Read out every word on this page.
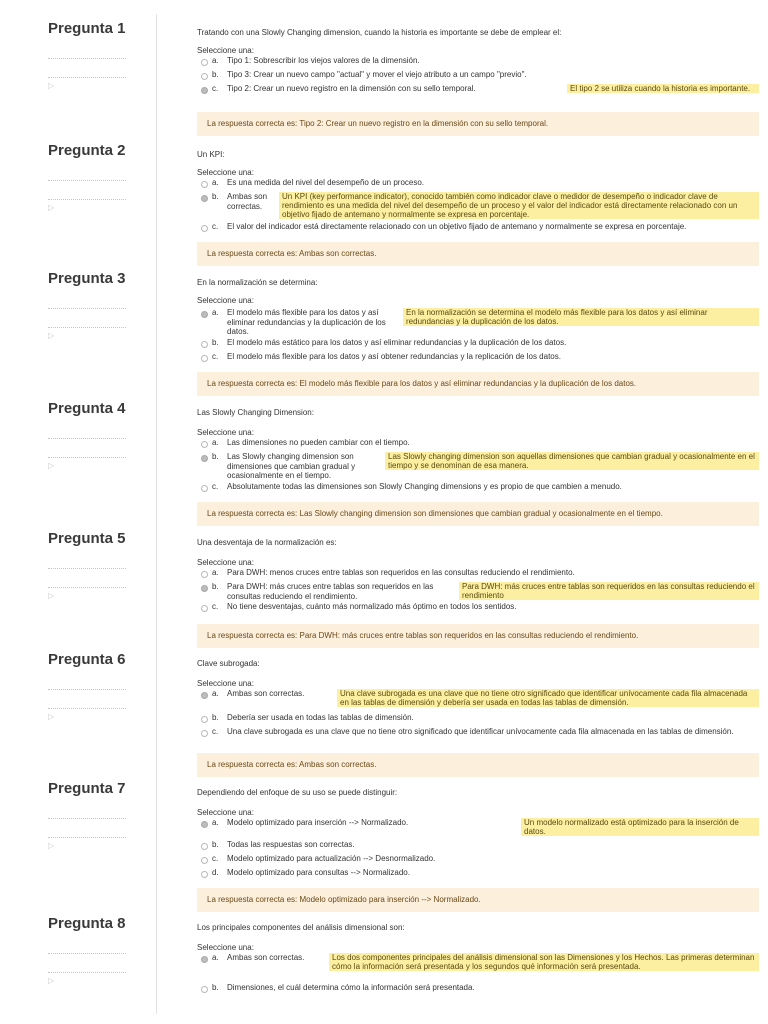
Pregunta 1
▷
Tratando con una Slowly Changing dimension, cuando la historia es importante se debe de emplear el:
Seleccione una:
a.	Tipo 1: Sobrescribir los viejos valores de la dimensión.
b.	Tipo 3: Crear un nuevo campo "actual" y mover el viejo atributo a un campo "previo".
c.	Tipo 2: Crear un nuevo registro en la dimensión con su sello temporal.	El tipo 2 se utiliza cuando la historia es importante.
La respuesta correcta es: Tipo 2: Crear un nuevo registro en la dimensión con su sello temporal.
Pregunta 2
▷
Un KPI:
Seleccione una:
a.	Es una medida del nivel del desempeño de un proceso.
b.	Ambas son correctas.
Un KPI (key performance indicator), conocido también como indicador clave o medidor de desempeño o indicador clave de rendimiento es una medida del nivel del desempeño de un proceso y el valor del indicador está directamente relacionado con un objetivo fijado de antemano y normalmente se expresa en porcentaje.
c.	El valor del indicador está directamente relacionado con un objetivo fijado de antemano y normalmente se expresa en porcentaje.
La respuesta correcta es: Ambas son correctas.
Pregunta 3
▷
En la normalización se determina:
Seleccione una:
a.	El modelo más flexible para los datos y así eliminar redundancias y la duplicación de los datos.
En la normalización se determina el modelo más flexible para los datos y así eliminar redundancias y la duplicación de los datos.
b.	El modelo más estático para los datos y así eliminar redundancias y la duplicación de los datos.
c.	El modelo más flexible para los datos y así obtener redundancias y la replicación de los datos.
La respuesta correcta es: El modelo más flexible para los datos y así eliminar redundancias y la duplicación de los datos.
Pregunta 4
▷
Las Slowly Changing Dimension:
Seleccione una:
a.	Las dimensiones no pueden cambiar con el tiempo.
b.	Las Slowly changing dimension son dimensiones que cambian gradual y ocasionalmente en el tiempo.
Las Slowly changing dimension son aquellas dimensiones que cambian gradual y ocasionalmente en el tiempo y se denominan de esa manera.
c.	Absolutamente todas las dimensiones son Slowly Changing dimensions y es propio de que cambien a menudo.
La respuesta correcta es: Las Slowly changing dimension son dimensiones que cambian gradual y ocasionalmente en el tiempo.
Pregunta 5
▷
Una desventaja de la normalización es:
Seleccione una:
a.	Para DWH: menos cruces entre tablas son requeridos en las consultas reduciendo el rendimiento.
b.	Para DWH: más cruces entre tablas son requeridos en las consultas reduciendo el rendimiento.
Para DWH: más cruces entre tablas son requeridos en las consultas reduciendo el rendimiento
c.	No tiene desventajas, cuánto más normalizado más óptimo en todos los sentidos.
La respuesta correcta es: Para DWH: más cruces entre tablas son requeridos en las consultas reduciendo el rendimiento.
Pregunta 6
▷
Clave subrogada:
Seleccione una:
a.	Ambas son correctas.	Una clave subrogada es una clave que no tiene otro significado que identificar unívocamente cada fila almacenada en las tablas de dimensión y debería ser usada en todas las tablas de dimensión.
b.	Debería ser usada en todas las tablas de dimensión.
c.	Una clave subrogada es una clave que no tiene otro significado que identificar unívocamente cada fila almacenada en las tablas de dimensión.
La respuesta correcta es: Ambas son correctas.
Pregunta 7
▷
Dependiendo del enfoque de su uso se puede distinguir:
Seleccione una:
a.	Modelo optimizado para inserción --> Normalizado.	Un modelo normalizado está optimizado para la inserción de datos.
b.	Todas las respuestas son correctas.
c.	Modelo optimizado para actualización --> Desnormalizado.
d.	Modelo optimizado para consultas --> Normalizado.
La respuesta correcta es: Modelo optimizado para inserción --> Normalizado.
Pregunta 8
▷
Los principales componentes del análisis dimensional son:
Seleccione una:
a.	Ambas son correctas.	Los dos componentes principales del análisis dimensional son las Dimensiones y los Hechos. Las primeras determinan cómo la información será presentada y los segundos qué información será presentada.
b.	Dimensiones, el cuál determina cómo la información será presentada.
